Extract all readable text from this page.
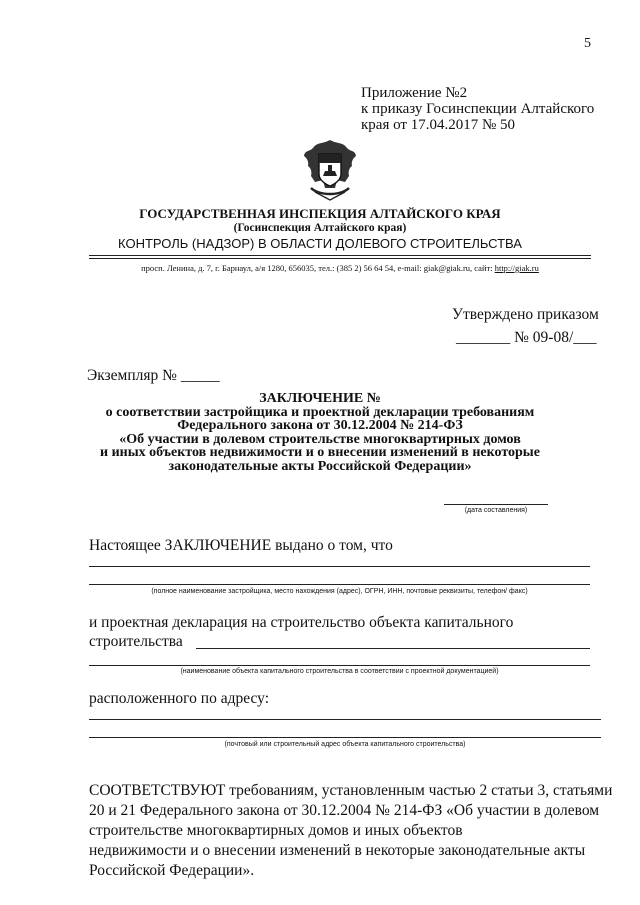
5
Приложение №2
к приказу Госинспекции Алтайского
края от 17.04.2017 № 50
ГОСУДАРСТВЕННАЯ ИНСПЕКЦИЯ АЛТАЙСКОГО КРАЯ
(Госинспекция Алтайского края)
КОНТРОЛЬ (НАДЗОР) В ОБЛАСТИ ДОЛЕВОГО СТРОИТЕЛЬСТВА
просп. Ленина, д. 7, г. Барнаул, а/я 1280, 656035, тел.: (385 2) 56 64 54, e-mail: giak@giak.ru, сайт: http://giak.ru
Утверждено приказом
_______ № 09-08/___
Экземпляр № _____
ЗАКЛЮЧЕНИЕ №
о соответствии застройщика и проектной декларации требованиям
Федерального закона от 30.12.2004 № 214-ФЗ
«Об участии в долевом строительстве многоквартирных домов
и иных объектов недвижимости и о внесении изменений в некоторые
законодательные акты Российской Федерации»
(дата составления)
Настоящее ЗАКЛЮЧЕНИЕ выдано о том, что
(полное наименование застройщика, место нахождения (адрес), ОГРН, ИНН, почтовые реквизиты, телефон/ факс)
и проектная декларация на строительство объекта капитального
строительства
(наименование объекта капитального строительства в соответствии с проектной документацией)
расположенного по адресу:
(почтовый или строительный адрес объекта капитального строительства)
СООТВЕТСТВУЮТ требованиям, установленным частью 2 статьи 3, статьями
20 и 21 Федерального закона от 30.12.2004 № 214-ФЗ «Об участии в долевом
строительстве многоквартирных домов и иных объектов
недвижимости и о внесении изменений в некоторые законодательные акты
Российской Федерации».
